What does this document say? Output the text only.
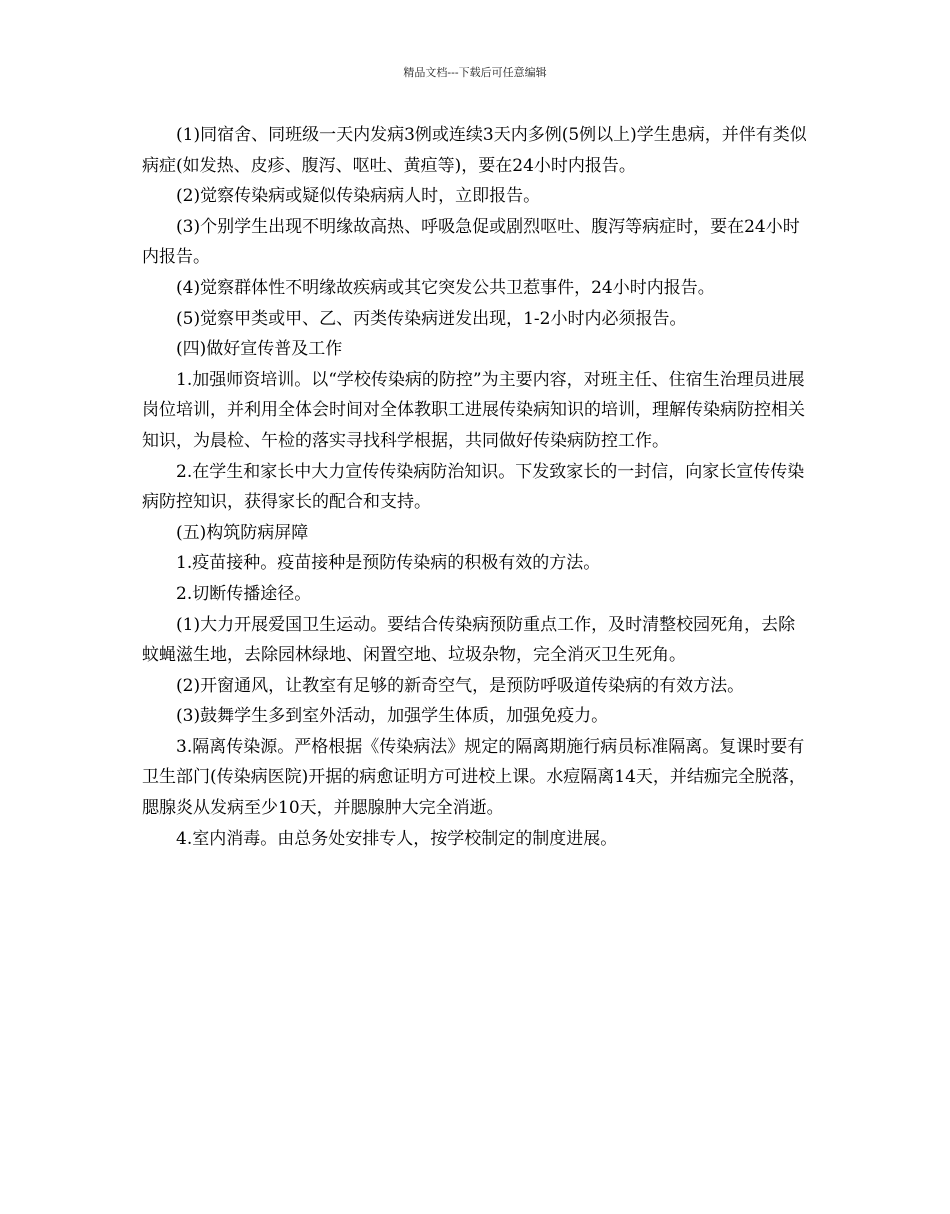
精品文档---下载后可任意编辑

(1)同宿舍、同班级一天内发病3例或连续3天内多例(5例以上)学生患病，并伴有类似病症(如发热、皮疹、腹泻、呕吐、黄疸等)，要在24小时内报告。

(2)觉察传染病或疑似传染病病人时，立即报告。

(3)个别学生出现不明缘故高热、呼吸急促或剧烈呕吐、腹泻等病症时，要在24小时内报告。

(4)觉察群体性不明缘故疾病或其它突发公共卫惹事件，24小时内报告。

(5)觉察甲类或甲、乙、丙类传染病迸发出现，1-2小时内必须报告。

(四)做好宣传普及工作

1.加强师资培训。以“学校传染病的防控”为主要内容，对班主任、住宿生治理员进展岗位培训，并利用全体会时间对全体教职工进展传染病知识的培训，理解传染病防控相关知识，为晨检、午检的落实寻找科学根据，共同做好传染病防控工作。

2.在学生和家长中大力宣传传染病防治知识。下发致家长的一封信，向家长宣传传染病防控知识，获得家长的配合和支持。

(五)构筑防病屏障

1.疫苗接种。疫苗接种是预防传染病的积极有效的方法。

2.切断传播途径。

(1)大力开展爱国卫生运动。要结合传染病预防重点工作，及时清整校园死角，去除蚊蝇滋生地，去除园林绿地、闲置空地、垃圾杂物，完全消灭卫生死角。

(2)开窗通风，让教室有足够的新奇空气，是预防呼吸道传染病的有效方法。

(3)鼓舞学生多到室外活动，加强学生体质，加强免疫力。

3.隔离传染源。严格根据《传染病法》规定的隔离期施行病员标准隔离。复课时要有卫生部门(传染病医院)开据的病愈证明方可进校上课。水痘隔离14天，并结痂完全脱落，腮腺炎从发病至少10天，并腮腺肿大完全消逝。

4.室内消毒。由总务处安排专人，按学校制定的制度进展。
